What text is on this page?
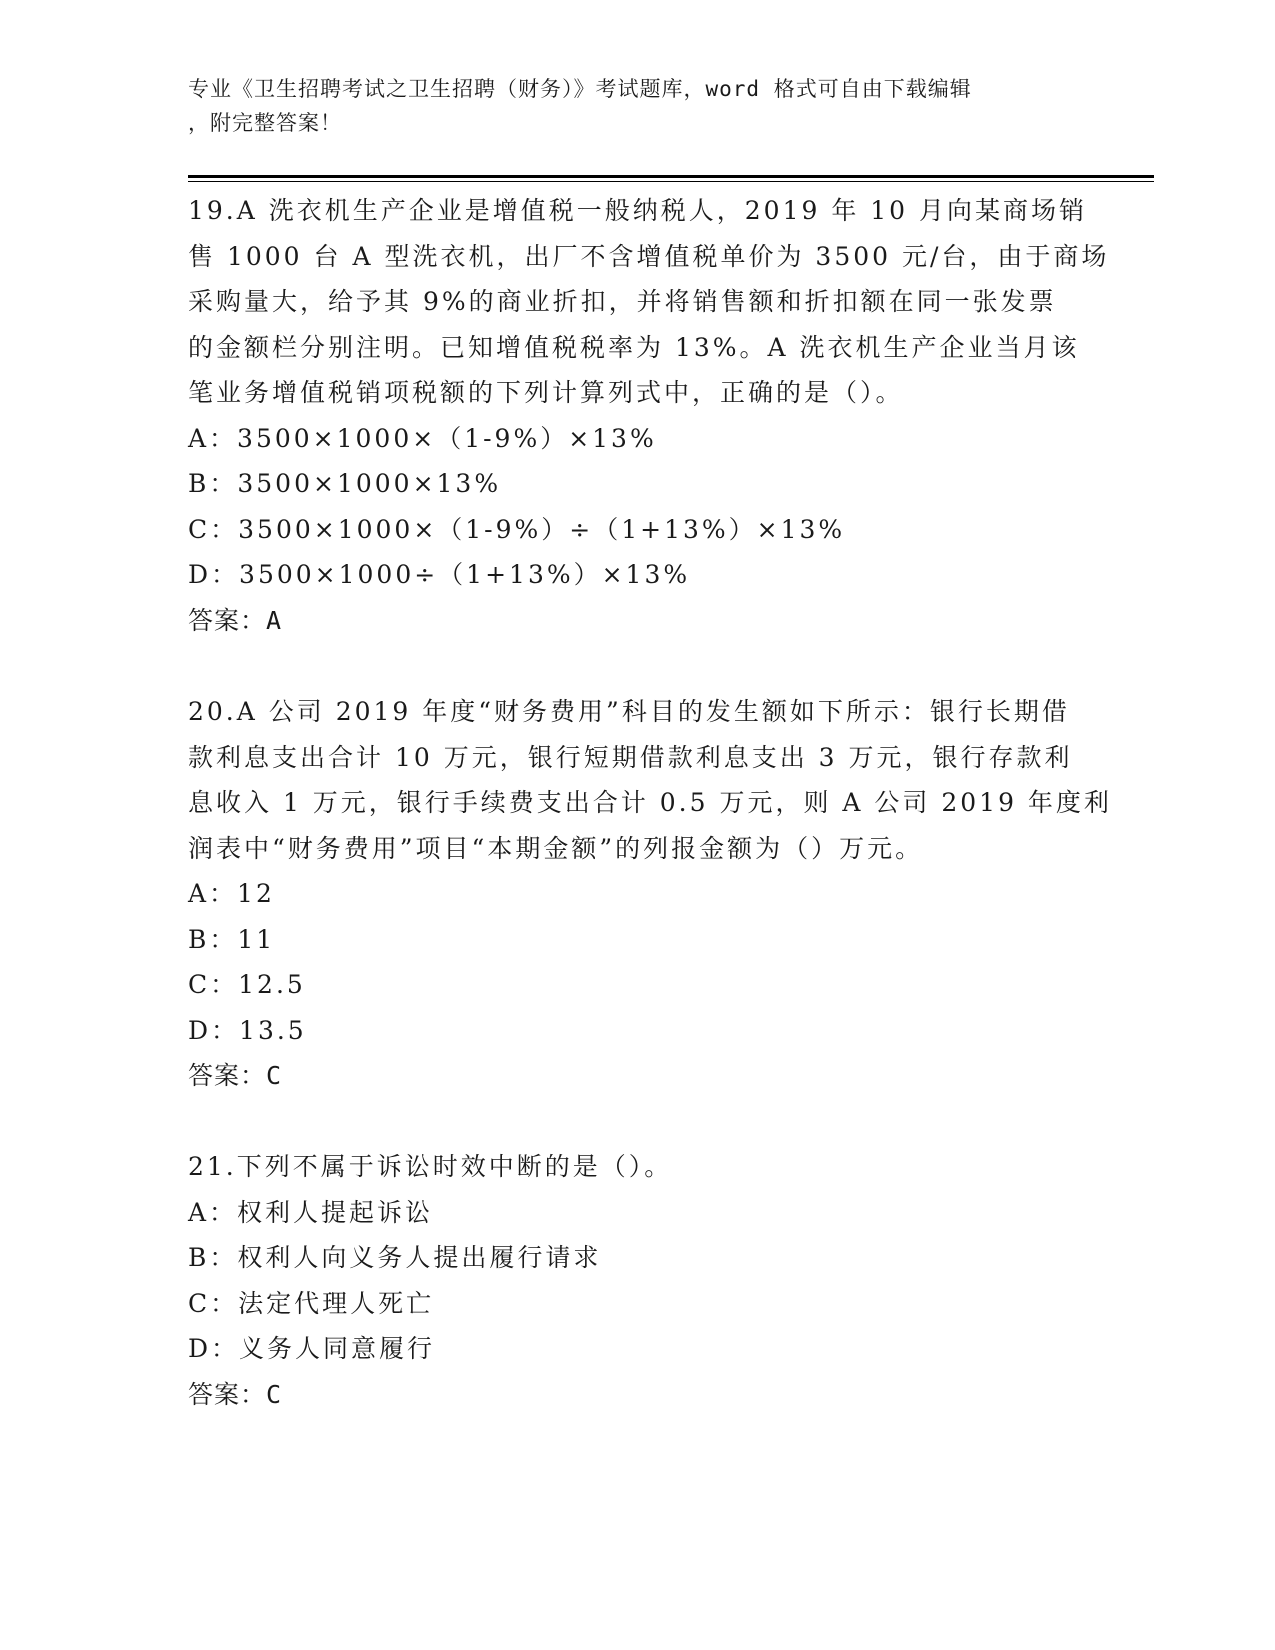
专业《卫生招聘考试之卫生招聘（财务）》考试题库，word 格式可自由下载编辑
，附完整答案！
19.A 洗衣机生产企业是增值税一般纳税人，2019 年 10 月向某商场销
售 1000 台 A 型洗衣机，出厂不含增值税单价为 3500 元/台，由于商场
采购量大，给予其 9%的商业折扣，并将销售额和折扣额在同一张发票
的金额栏分别注明。已知增值税税率为 13%。A 洗衣机生产企业当月该
笔业务增值税销项税额的下列计算列式中，正确的是（）。
A：3500×1000×（1-9%）×13%
B：3500×1000×13%
C：3500×1000×（1-9%）÷（1+13%）×13%
D：3500×1000÷（1+13%）×13%
答案：A
20.A 公司 2019 年度“财务费用”科目的发生额如下所示：银行长期借
款利息支出合计 10 万元，银行短期借款利息支出 3 万元，银行存款利
息收入 1 万元，银行手续费支出合计 0.5 万元，则 A 公司 2019 年度利
润表中“财务费用”项目“本期金额”的列报金额为（）万元。
A：12
B：11
C：12.5
D：13.5
答案：C
21.下列不属于诉讼时效中断的是（）。
A：权利人提起诉讼
B：权利人向义务人提出履行请求
C：法定代理人死亡
D：义务人同意履行
答案：C
